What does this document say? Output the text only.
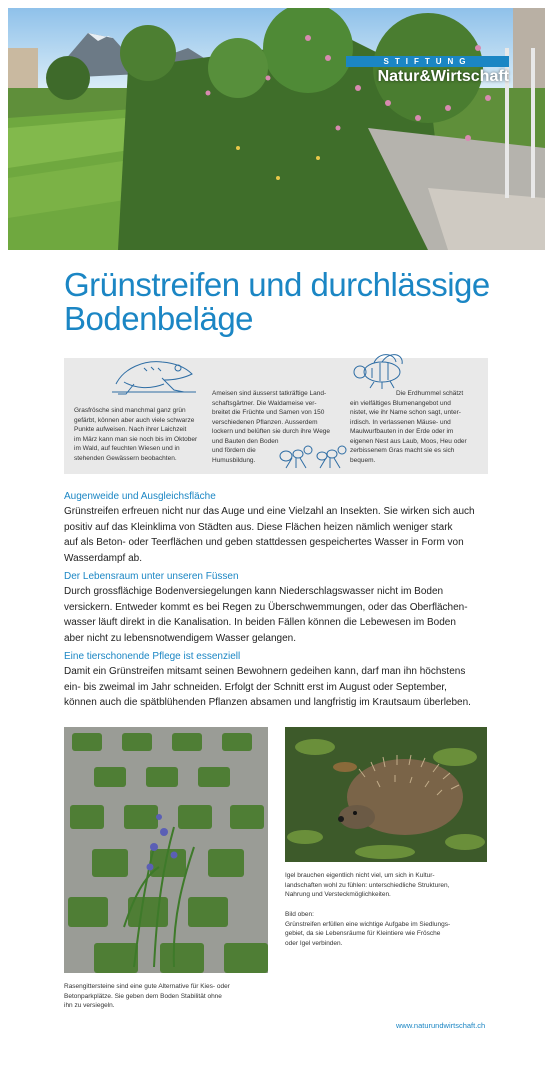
STIFTUNG
Natur&Wirtschaft
Grünstreifen und durchlässige
Bodenbeläge
Grasfrösche sind manchmal ganz grün
gefärbt, können aber auch viele schwarze
Punkte aufweisen. Nach ihrer Laichzeit
im März kann man sie noch bis im Oktober
im Wald, auf feuchten Wiesen und in
stehenden Gewässern beobachten.
Ameisen sind äusserst tatkräftige Land-
schaftsgärtner. Die Waldameise ver-
breitet die Früchte und Samen von 150
verschiedenen Pflanzen. Ausserdem
lockern und belüften sie durch ihre Wege
und Bauten den Boden
und fördern die
Humusbildung.
Die Erdhummel schätzt
ein vielfältiges Blumenangebot und
nistet, wie ihr Name schon sagt, unter-
irdisch. In verlassenen Mäuse- und
Maulwurfbauten in der Erde oder im
eigenen Nest aus Laub, Moos, Heu oder
zerbissenem Gras macht sie es sich
bequem.
Augenweide und Ausgleichsfläche

Grünstreifen erfreuen nicht nur das Auge und eine Vielzahl an Insekten. Sie wirken sich auch

positiv auf das Kleinklima von Städten aus. Diese Flächen heizen nämlich weniger stark

auf als Beton- oder Teerflächen und geben stattdessen gespeichertes Wasser in Form von

Wasserdampf ab.

Der Lebensraum unter unseren Füssen

Durch grossflächige Bodenversiegelungen kann Niederschlagswasser nicht im Boden

versickern. Entweder kommt es bei Regen zu Überschwemmungen, oder das Oberflächen-

wasser läuft direkt in die Kanalisation. In beiden Fällen können die Lebewesen im Boden

aber nicht zu lebensnotwendigem Wasser gelangen.

Eine tierschonende Pflege ist essenziell

Damit ein Grünstreifen mitsamt seinen Bewohnern gedeihen kann, darf man ihn höchstens

ein- bis zweimal im Jahr schneiden. Erfolgt der Schnitt erst im August oder September,

können auch die spätblühenden Pflanzen absamen und langfristig im Krautsaum überleben.

Rasengittersteine sind eine gute Alternative für Kies- oder
Betonparkplätze. Sie geben dem Boden Stabilität ohne
ihn zu versiegeln.
Igel brauchen eigentlich nicht viel, um sich in Kultur-
landschaften wohl zu fühlen: unterschiedliche Strukturen,
Nahrung und Versteckmöglichkeiten.
Bild oben:
Grünstreifen erfüllen eine wichtige Aufgabe im Siedlungs-
gebiet, da sie Lebensräume für Kleintiere wie Frösche
oder Igel verbinden.
www.naturundwirtschaft.ch
